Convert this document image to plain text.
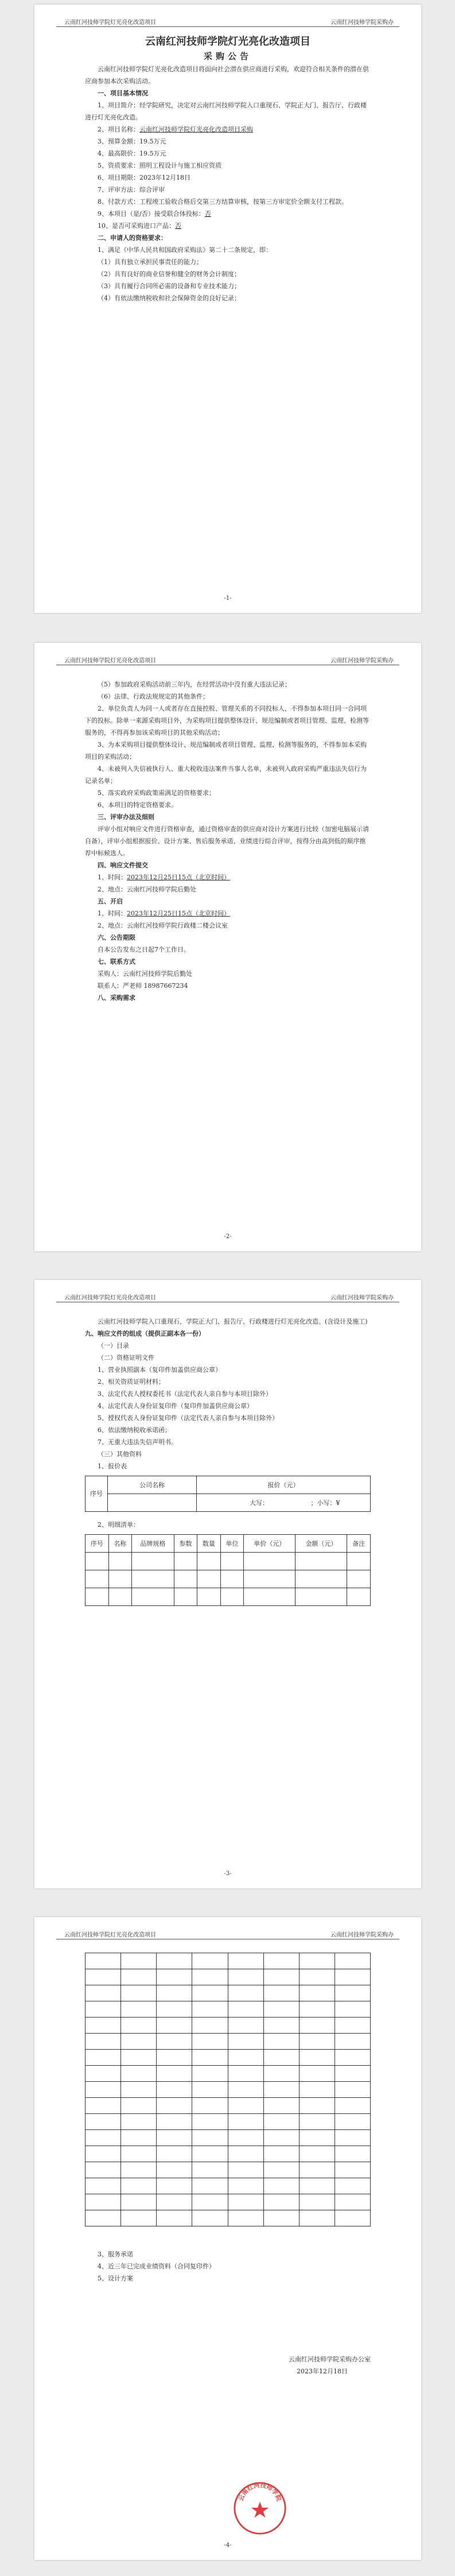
云南红河技师学院灯光亮化改造项目	云南红河技师学院采购办

云南红河技师学院灯光亮化改造项目

采购公告

云南红河技师学院灯光亮化改造项目将面向社会潜在供应商进行采购，欢迎符合相关条件的潜在供应商参加本次采购活动。

一、项目基本情况

1、项目简介：经学院研究，决定对云南红河技师学院入口重现石、学院正大门、报告厅、行政楼进行灯光亮化改造。

2、项目名称：云南红河技师学院灯光亮化改造项目采购

3、预算金额：19.5万元

4、最高限价：19.5万元

5、资质要求：照明工程设计与施工相应资质

6、项目期限：2023年12月18日

7、评审方法：综合评审

8、付款方式：工程竣工验收合格后交第三方结算审核，按第三方审定价全额支付工程款。

9、本项目（是/否）接受联合体投标：否

10、是否可采购进口产品：否

二、申请人的资格要求：

1、满足《中华人民共和国政府采购法》第二十二条规定，即：

（1）具有独立承担民事责任的能力；

（2）具有良好的商业信誉和健全的财务会计制度；

（3）具有履行合同所必需的设备和专业技术能力；

（4）有依法缴纳税收和社会保障资金的良好记录；

-1-
云南红河技师学院灯光亮化改造项目	云南红河技师学院采购办

（5）参加政府采购活动前三年内，在经营活动中没有重大违法记录；

（6）法律、行政法规规定的其他条件；

2、单位负责人为同一人或者存在直接控股、管理关系的不同投标人，不得参加本项目同一合同项下的投标。除单一来源采购项目外，为采购项目提供整体设计、规范编制或者项目管理、监理、检测等服务的，不得再参加该采购项目的其他采购活动；

3、为本采购项目提供整体设计、规范编制或者项目管理、监理、检测等服务的，不得参加本采购项目的采购活动；

4、未被列入失信被执行人、重大税收违法案件当事人名单，未被列入政府采购严重违法失信行为记录名单；

5、落实政府采购政策需满足的资格要求；

6、本项目的特定资格要求。

三、评审办法及细则

评审小组对响应文件进行资格审查，通过资格审查的供应商对设计方案进行比较（加密电脑展示请自备），评审小组根据报价、设计方案、售后服务承诺、业绩进行综合评审，按得分由高到低的顺序推荐中标候选人。

四、响应文件提交

1、时间：2023年12月25日15点（北京时间）

2、地点：云南红河技师学院后勤处

五、开启

1、时间：2023年12月25日15点（北京时间）

2、地点：云南红河技师学院行政楼二楼会议室

六、公告期限

自本公告发布之日起7个工作日。

七、联系方式

采购人：云南红河技师学院后勤处

联系人：严老师 18987667234

八、采购需求

-2-
云南红河技师学院灯光亮化改造项目	云南红河技师学院采购办

云南红河技师学院入口重现石、学院正大门、报告厅、行政楼进行灯光亮化改造。(含设计及施工)

九、响应文件的组成（提供正副本各一份）

（一）目录

（二）资格证明文件

1、营业执照副本（复印件加盖供应商公章）

2、相关资质证明材料；

3、法定代表人授权委托书（法定代表人亲自参与本项目除外）

4、法定代表人身份证复印件（复印件加盖供应商公章）

5、授权代表人身份证复印件（法定代表人亲自参与本项目除外）

6、依法缴纳税收承诺函；

7、无重大违法失信声明书。

（三）其他资料

1、报价表

序号	公司名称	报价（元）
		大写： ；小写：¥

2、明细清单：

序号	名称	品牌规格	参数	数量	单位	单价（元）	金额（元）	备注

-3-
云南红河技师学院灯光亮化改造项目	云南红河技师学院采购办

3、服务承诺

4、近三年已完成业绩资料（合同复印件）

5、设计方案

云南红河技师学院采购办公室

2023年12月18日

云南红河技师学院
-4-
